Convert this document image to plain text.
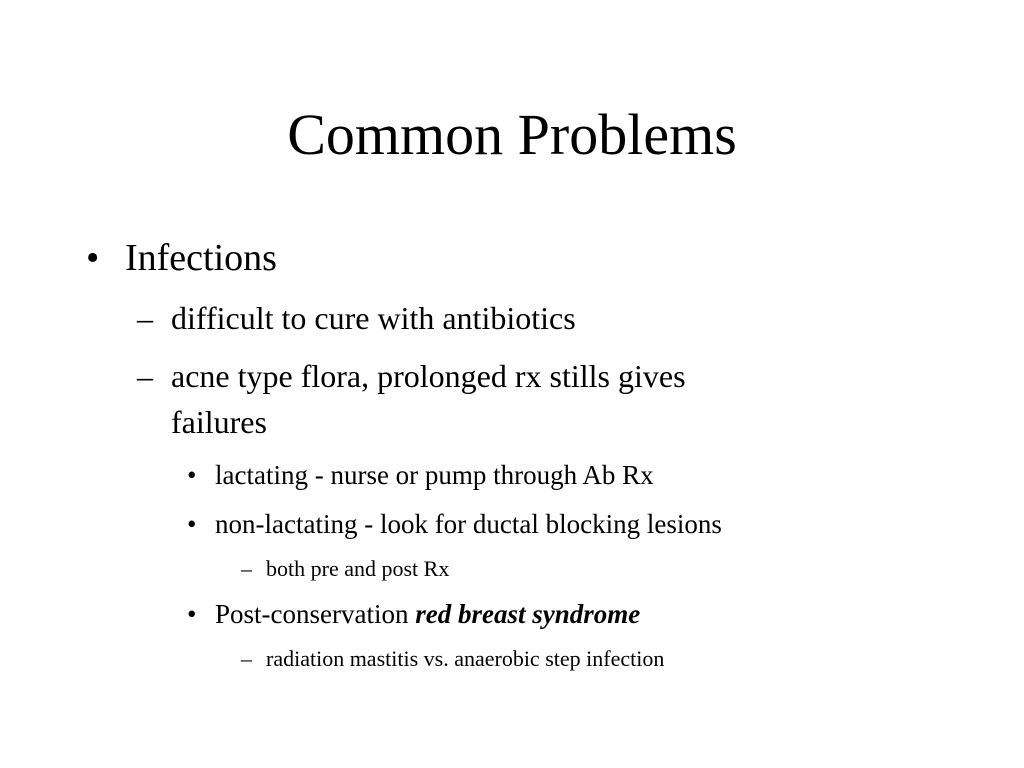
Common Problems
• Infections
– difficult to cure with antibiotics
– acne type flora, prolonged rx stills gives
failures
• lactating - nurse or pump through Ab Rx
• non-lactating - look for ductal blocking lesions
– both pre and post Rx
• Post-conservation red breast syndrome
– radiation mastitis vs. anaerobic step infection
